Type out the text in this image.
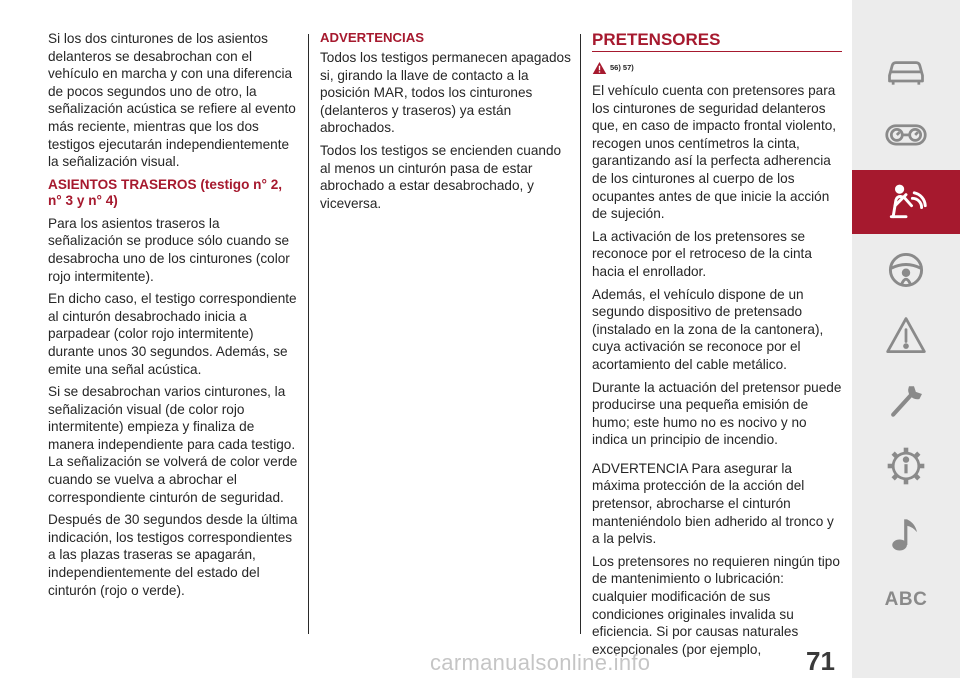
Si los dos cinturones de los asientos delanteros se desabrochan con el vehículo en marcha y con una diferencia de pocos segundos uno de otro, la señalización acústica se refiere al evento más reciente, mientras que los dos testigos ejecutarán independientemente la señalización visual.

ASIENTOS TRASEROS (testigo n° 2, n° 3 y n° 4)

Para los asientos traseros la señalización se produce sólo cuando se desabrocha uno de los cinturones (color rojo intermitente).

En dicho caso, el testigo correspondiente al cinturón desabrochado inicia a parpadear (color rojo intermitente) durante unos 30 segundos. Además, se emite una señal acústica.

Si se desabrochan varios cinturones, la señalización visual (de color rojo intermitente) empieza y finaliza de manera independiente para cada testigo. La señalización se volverá de color verde cuando se vuelva a abrochar el correspondiente cinturón de seguridad.

Después de 30 segundos desde la última indicación, los testigos correspondientes a las plazas traseras se apagarán, independientemente del estado del cinturón (rojo o verde).

ADVERTENCIAS

Todos los testigos permanecen apagados si, girando la llave de contacto a la posición MAR, todos los cinturones (delanteros y traseros) ya están abrochados.

Todos los testigos se encienden cuando al menos un cinturón pasa de estar abrochado a estar desabrochado, y viceversa.

PRETENSORES
56) 57)

El vehículo cuenta con pretensores para los cinturones de seguridad delanteros que, en caso de impacto frontal violento, recogen unos centímetros la cinta, garantizando así la perfecta adherencia de los cinturones al cuerpo de los ocupantes antes de que inicie la acción de sujeción.

La activación de los pretensores se reconoce por el retroceso de la cinta hacia el enrollador.

Además, el vehículo dispone de un segundo dispositivo de pretensado (instalado en la zona de la cantonera), cuya activación se reconoce por el acortamiento del cable metálico.

Durante la actuación del pretensor puede producirse una pequeña emisión de humo; este humo no es nocivo y no indica un principio de incendio.

ADVERTENCIA Para asegurar la máxima protección de la acción del pretensor, abrocharse el cinturón manteniéndolo bien adherido al tronco y a la pelvis.

Los pretensores no requieren ningún tipo de mantenimiento o lubricación: cualquier modificación de sus condiciones originales invalida su eficiencia. Si por causas naturales excepcionales (por ejemplo,

ABC
carmanualsonline.info	71
